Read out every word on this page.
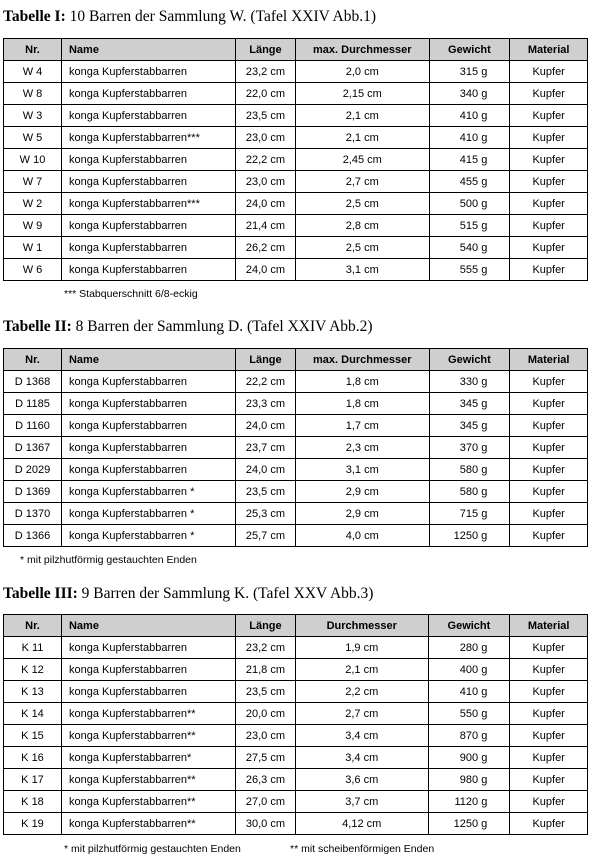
Tabelle I: 10 Barren der Sammlung W. (Tafel XXIV Abb.1)
Nr.	Name	Länge	max. Durchmesser	Gewicht	Material
W 4	konga Kupferstabbarren	23,2 cm	2,0 cm	315 g	Kupfer
W 8	konga Kupferstabbarren	22,0 cm	2,15 cm	340 g	Kupfer
W 3	konga Kupferstabbarren	23,5 cm	2,1 cm	410 g	Kupfer
W 5	konga Kupferstabbarren***	23,0 cm	2,1 cm	410 g	Kupfer
W 10	konga Kupferstabbarren	22,2 cm	2,45 cm	415 g	Kupfer
W 7	konga Kupferstabbarren	23,0 cm	2,7 cm	455 g	Kupfer
W 2	konga Kupferstabbarren***	24,0 cm	2,5 cm	500 g	Kupfer
W 9	konga Kupferstabbarren	21,4 cm	2,8 cm	515 g	Kupfer
W 1	konga Kupferstabbarren	26,2 cm	2,5 cm	540 g	Kupfer
W 6	konga Kupferstabbarren	24,0 cm	3,1 cm	555 g	Kupfer
*** Stabquerschnitt 6/8-eckig
Tabelle II: 8 Barren der Sammlung D. (Tafel XXIV Abb.2)
Nr.	Name	Länge	max. Durchmesser	Gewicht	Material
D 1368	konga Kupferstabbarren	22,2 cm	1,8 cm	330 g	Kupfer
D 1185	konga Kupferstabbarren	23,3 cm	1,8 cm	345 g	Kupfer
D 1160	konga Kupferstabbarren	24,0 cm	1,7 cm	345 g	Kupfer
D 1367	konga Kupferstabbarren	23,7 cm	2,3 cm	370 g	Kupfer
D 2029	konga Kupferstabbarren	24,0 cm	3,1 cm	580 g	Kupfer
D 1369	konga Kupferstabbarren *	23,5 cm	2,9 cm	580 g	Kupfer
D 1370	konga Kupferstabbarren *	25,3 cm	2,9 cm	715 g	Kupfer
D 1366	konga Kupferstabbarren *	25,7 cm	4,0 cm	1250 g	Kupfer
* mit pilzhutförmig gestauchten Enden
Tabelle III: 9 Barren der Sammlung K. (Tafel XXV Abb.3)
Nr.	Name	Länge	Durchmesser	Gewicht	Material
K 11	konga Kupferstabbarren	23,2 cm	1,9 cm	280 g	Kupfer
K 12	konga Kupferstabbarren	21,8 cm	2,1 cm	400 g	Kupfer
K 13	konga Kupferstabbarren	23,5 cm	2,2 cm	410 g	Kupfer
K 14	konga Kupferstabbarren**	20,0 cm	2,7 cm	550 g	Kupfer
K 15	konga Kupferstabbarren**	23,0 cm	3,4 cm	870 g	Kupfer
K 16	konga Kupferstabbarren*	27,5 cm	3,4 cm	900 g	Kupfer
K 17	konga Kupferstabbarren**	26,3 cm	3,6 cm	980 g	Kupfer
K 18	konga Kupferstabbarren**	27,0 cm	3,7 cm	1120 g	Kupfer
K 19	konga Kupferstabbarren**	30,0 cm	4,12 cm	1250 g	Kupfer
* mit pilzhutförmig gestauchten Enden	** mit scheibenförmigen Enden
